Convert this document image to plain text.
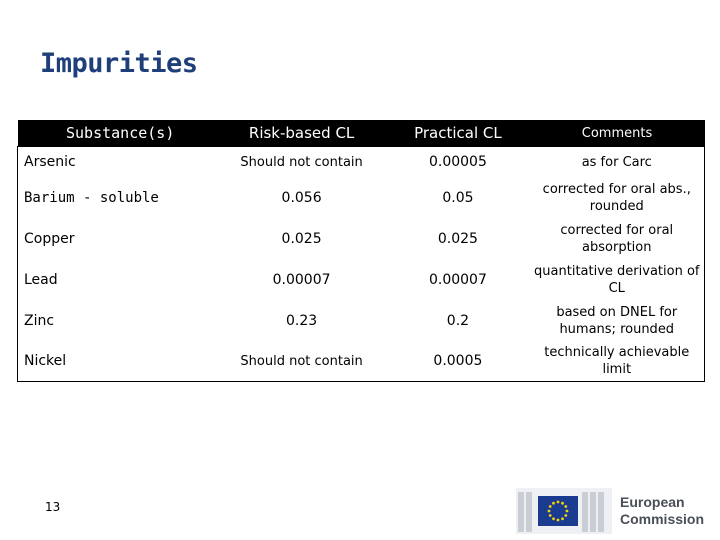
Impurities
Substance(s)	Risk-based CL	Practical CL	Comments
Arsenic	Should not contain	0.00005	as for Carc
Barium - soluble	0.056	0.05	corrected for oral abs., rounded
Copper	0.025	0.025	corrected for oral absorption
Lead	0.00007	0.00007	quantitative derivation of CL
Zinc	0.23	0.2	based on DNEL for humans; rounded
Nickel	Should not contain	0.0005	technically achievable limit
13	European
Commission
